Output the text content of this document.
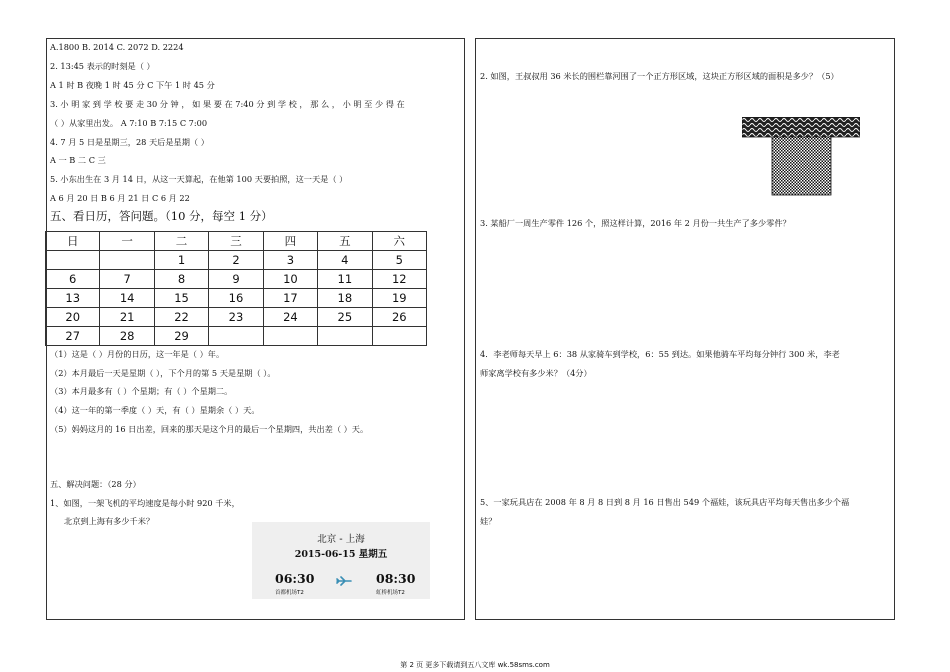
A.1800 B. 2014 C. 2072 D. 2224
2. 13:45 表示的时刻是（ ）
A 1 时 B 夜晚 1 时 45 分 C 下午 1 时 45 分
3. 小 明 家 到 学 校 要 走 30 分 钟 ， 如 果 要 在 7:40 分 到 学 校 ， 那 么 ， 小 明 至 少 得 在
（ ）从家里出发。 A 7:10 B 7:15 C 7:00
4. 7 月 5 日是星期三，28 天后是星期（ ）
A 一 B 二 C 三
5. 小东出生在 3 月 14 日，从这一天算起，在他第 100 天要拍照，这一天是（ ）
A 6 月 20 日 B 6 月 21 日 C 6 月 22
五、看日历，答问题。（10 分，每空 1 分）
日	一	二	三	四	五	六
		1	2	3	4	5
6	7	8	9	10	11	12
13	14	15	16	17	18	19
20	21	22	23	24	25	26
27	28	29				
（1）这是（ ）月份的日历，这一年是（ ）年。
（2）本月最后一天是星期（ ），下个月的第 5 天是星期（ ）。
（3）本月最多有（ ）个星期；有（ ）个星期二。
（4）这一年的第一季度（ ）天，有（ ）星期余（ ）天。
（5）妈妈这月的 16 日出差，回来的那天是这个月的最后一个星期四，共出差（ ）天。
五、解决问题：（28 分）
1、如图，一架飞机的平均速度是每小时 920 千米，
北京到上海有多少千米？
北京 - 上海
2015-06-15 星期五
06:30
首都机场T2
08:30
虹桥机场T2
2. 如图，王叔叔用 36 米长的围栏靠河围了一个正方形区域，这块正方形区域的面积是多少？（5）
3. 某船厂一周生产零件 126 个，照这样计算，2016 年 2 月份一共生产了多少零件？
4．李老师每天早上 6：38 从家骑车到学校，6：55 到达。如果他骑车平均每分钟行 300 米，李老
师家离学校有多少米？（4分）
5、一家玩具店在 2008 年 8 月 8 日到 8 月 16 日售出 549 个福娃，该玩具店平均每天售出多少个福
娃？
第 2 页 更多下载请到五八文库 wk.58sms.com
